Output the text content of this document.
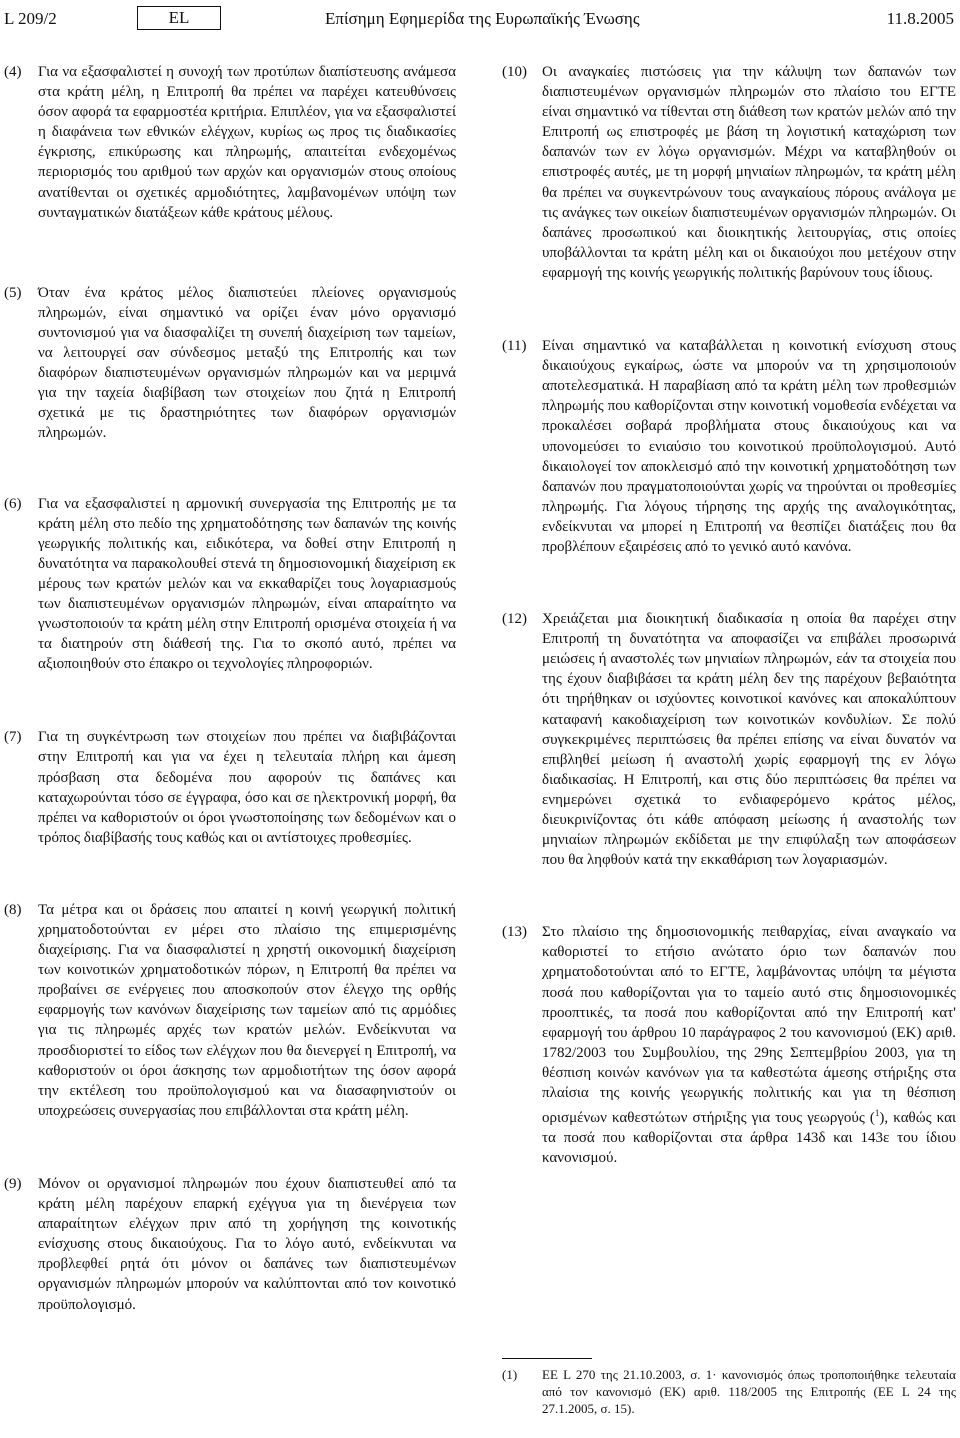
L 209/2	EL	Επίσημη Εφημερίδα της Ευρωπαϊκής Ένωσης	11.8.2005
(4) Για να εξασφαλιστεί η συνοχή των προτύπων διαπίστευσης ανάμεσα στα κράτη μέλη, η Επιτροπή θα πρέπει να παρέχει κατευθύνσεις όσον αφορά τα εφαρμοστέα κριτήρια. Επιπλέον, για να εξασφαλιστεί η διαφάνεια των εθνικών ελέγχων, κυρίως ως προς τις διαδικασίες έγκρισης, επικύρωσης και πληρωμής, απαιτείται ενδεχομένως περιορισμός του αριθμού των αρχών και οργανισμών στους οποίους ανατίθενται οι σχετικές αρμοδιότητες, λαμβανομένων υπόψη των συνταγματικών διατάξεων κάθε κράτους μέλους.
(5) Όταν ένα κράτος μέλος διαπιστεύει πλείονες οργανισμούς πληρωμών, είναι σημαντικό να ορίζει έναν μόνο οργανισμό συντονισμού για να διασφαλίζει τη συνεπή διαχείριση των ταμείων, να λειτουργεί σαν σύνδεσμος μεταξύ της Επιτροπής και των διαφόρων διαπιστευμένων οργανισμών πληρωμών και να μεριμνά για την ταχεία διαβίβαση των στοιχείων που ζητά η Επιτροπή σχετικά με τις δραστηριότητες των διαφόρων οργανισμών πληρωμών.
(6) Για να εξασφαλιστεί η αρμονική συνεργασία της Επιτροπής με τα κράτη μέλη στο πεδίο της χρηματοδότησης των δαπανών της κοινής γεωργικής πολιτικής και, ειδικότερα, να δοθεί στην Επιτροπή η δυνατότητα να παρακολουθεί στενά τη δημοσιονομική διαχείριση εκ μέρους των κρατών μελών και να εκκαθαρίζει τους λογαριασμούς των διαπιστευμένων οργανισμών πληρωμών, είναι απαραίτητο να γνωστοποιούν τα κράτη μέλη στην Επιτροπή ορισμένα στοιχεία ή να τα διατηρούν στη διάθεσή της. Για το σκοπό αυτό, πρέπει να αξιοποιηθούν στο έπακρο οι τεχνολογίες πληροφοριών.
(7) Για τη συγκέντρωση των στοιχείων που πρέπει να διαβιβάζονται στην Επιτροπή και για να έχει η τελευταία πλήρη και άμεση πρόσβαση στα δεδομένα που αφορούν τις δαπάνες και καταχωρούνται τόσο σε έγγραφα, όσο και σε ηλεκτρονική μορφή, θα πρέπει να καθοριστούν οι όροι γνωστοποίησης των δεδομένων και ο τρόπος διαβίβασής τους καθώς και οι αντίστοιχες προθεσμίες.
(8) Τα μέτρα και οι δράσεις που απαιτεί η κοινή γεωργική πολιτική χρηματοδοτούνται εν μέρει στο πλαίσιο της επιμερισμένης διαχείρισης. Για να διασφαλιστεί η χρηστή οικονομική διαχείριση των κοινοτικών χρηματοδοτικών πόρων, η Επιτροπή θα πρέπει να προβαίνει σε ενέργειες που αποσκοπούν στον έλεγχο της ορθής εφαρμογής των κανόνων διαχείρισης των ταμείων από τις αρμόδιες για τις πληρωμές αρχές των κρατών μελών. Ενδείκνυται να προσδιοριστεί το είδος των ελέγχων που θα διενεργεί η Επιτροπή, να καθοριστούν οι όροι άσκησης των αρμοδιοτήτων της όσον αφορά την εκτέλεση του προϋπολογισμού και να διασαφηνιστούν οι υποχρεώσεις συνεργασίας που επιβάλλονται στα κράτη μέλη.
(9) Μόνον οι οργανισμοί πληρωμών που έχουν διαπιστευθεί από τα κράτη μέλη παρέχουν επαρκή εχέγγυα για τη διενέργεια των απαραίτητων ελέγχων πριν από τη χορήγηση της κοινοτικής ενίσχυσης στους δικαιούχους. Για το λόγο αυτό, ενδείκνυται να προβλεφθεί ρητά ότι μόνον οι δαπάνες των διαπιστευμένων οργανισμών πληρωμών μπορούν να καλύπτονται από τον κοινοτικό προϋπολογισμό.
(10) Οι αναγκαίες πιστώσεις για την κάλυψη των δαπανών των διαπιστευμένων οργανισμών πληρωμών στο πλαίσιο του ΕΓΤΕ είναι σημαντικό να τίθενται στη διάθεση των κρατών μελών από την Επιτροπή ως επιστροφές με βάση τη λογιστική καταχώριση των δαπανών των εν λόγω οργανισμών. Μέχρι να καταβληθούν οι επιστροφές αυτές, με τη μορφή μηνιαίων πληρωμών, τα κράτη μέλη θα πρέπει να συγκεντρώνουν τους αναγκαίους πόρους ανάλογα με τις ανάγκες των οικείων διαπιστευμένων οργανισμών πληρωμών. Οι δαπάνες προσωπικού και διοικητικής λειτουργίας, στις οποίες υποβάλλονται τα κράτη μέλη και οι δικαιούχοι που μετέχουν στην εφαρμογή της κοινής γεωργικής πολιτικής βαρύνουν τους ίδιους.
(11) Είναι σημαντικό να καταβάλλεται η κοινοτική ενίσχυση στους δικαιούχους εγκαίρως, ώστε να μπορούν να τη χρησιμοποιούν αποτελεσματικά. Η παραβίαση από τα κράτη μέλη των προθεσμιών πληρωμής που καθορίζονται στην κοινοτική νομοθεσία ενδέχεται να προκαλέσει σοβαρά προβλήματα στους δικαιούχους και να υπονομεύσει το ενιαύσιο του κοινοτικού προϋπολογισμού. Αυτό δικαιολογεί τον αποκλεισμό από την κοινοτική χρηματοδότηση των δαπανών που πραγματοποιούνται χωρίς να τηρούνται οι προθεσμίες πληρωμής. Για λόγους τήρησης της αρχής της αναλογικότητας, ενδείκνυται να μπορεί η Επιτροπή να θεσπίζει διατάξεις που θα προβλέπουν εξαιρέσεις από το γενικό αυτό κανόνα.
(12) Χρειάζεται μια διοικητική διαδικασία η οποία θα παρέχει στην Επιτροπή τη δυνατότητα να αποφασίζει να επιβάλει προσωρινά μειώσεις ή αναστολές των μηνιαίων πληρωμών, εάν τα στοιχεία που της έχουν διαβιβάσει τα κράτη μέλη δεν της παρέχουν βεβαιότητα ότι τηρήθηκαν οι ισχύοντες κοινοτικοί κανόνες και αποκαλύπτουν καταφανή κακοδιαχείριση των κοινοτικών κονδυλίων. Σε πολύ συγκεκριμένες περιπτώσεις θα πρέπει επίσης να είναι δυνατόν να επιβληθεί μείωση ή αναστολή χωρίς εφαρμογή της εν λόγω διαδικασίας. Η Επιτροπή, και στις δύο περιπτώσεις θα πρέπει να ενημερώνει σχετικά το ενδιαφερόμενο κράτος μέλος, διευκρινίζοντας ότι κάθε απόφαση μείωσης ή αναστολής των μηνιαίων πληρωμών εκδίδεται με την επιφύλαξη των αποφάσεων που θα ληφθούν κατά την εκκαθάριση των λογαριασμών.
(13) Στο πλαίσιο της δημοσιονομικής πειθαρχίας, είναι αναγκαίο να καθοριστεί το ετήσιο ανώτατο όριο των δαπανών που χρηματοδοτούνται από το ΕΓΤΕ, λαμβάνοντας υπόψη τα μέγιστα ποσά που καθορίζονται για το ταμείο αυτό στις δημοσιονομικές προοπτικές, τα ποσά που καθορίζονται από την Επιτροπή κατ' εφαρμογή του άρθρου 10 παράγραφος 2 του κανονισμού (ΕΚ) αριθ. 1782/2003 του Συμβουλίου, της 29ης Σεπτεμβρίου 2003, για τη θέσπιση κοινών κανόνων για τα καθεστώτα άμεσης στήριξης στα πλαίσια της κοινής γεωργικής πολιτικής και για τη θέσπιση ορισμένων καθεστώτων στήριξης για τους γεωργούς ($^1$), καθώς και τα ποσά που καθορίζονται στα άρθρα 143δ και 143ε του ίδιου κανονισμού.
(1)	ΕΕ L 270 της 21.10.2003, σ. 1· κανονισμός όπως τροποποιήθηκε τελευταία από τον κανονισμό (ΕΚ) αριθ. 118/2005 της Επιτροπής (ΕΕ L 24 της 27.1.2005, σ. 15).
